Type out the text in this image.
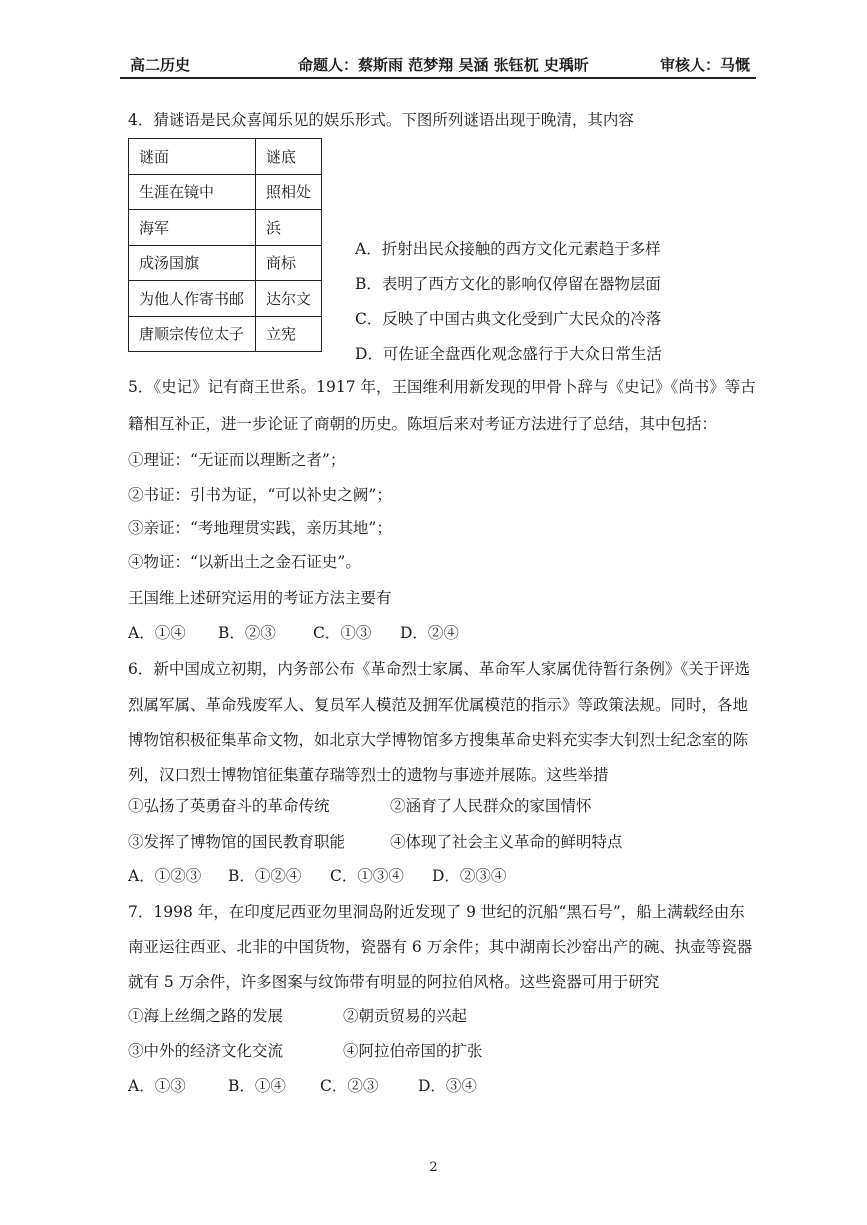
高二历史	命题人：蔡斯雨 范梦翔 吴涵 张钰杌 史瑀昕	审核人：马慨
4．猜谜语是民众喜闻乐见的娱乐形式。下图所列谜语出现于晚清，其内容
谜面	谜底
生涯在镜中	照相处
海军	浜
成汤国旗	商标
为他人作寄书邮	达尔文
唐顺宗传位太子	立宪
A．折射出民众接触的西方文化元素趋于多样
B．表明了西方文化的影响仅停留在器物层面
C．反映了中国古典文化受到广大民众的冷落
D．可佐证全盘西化观念盛行于大众日常生活
5．《史记》记有商王世系。1917 年，王国维利用新发现的甲骨卜辞与《史记》《尚书》等古
籍相互补正，进一步论证了商朝的历史。陈垣后来对考证方法进行了总结，其中包括：
①理证：“无证而以理断之者”；
②书证：引书为证，“可以补史之阙”；
③亲证：“考地理贯实践，亲历其地”；
④物证：“以新出土之金石证史”。
王国维上述研究运用的考证方法主要有
A．①④ B．②③ C．①③ D．②④
6．新中国成立初期，内务部公布《革命烈士家属、革命军人家属优待暂行条例》《关于评选
烈属军属、革命残废军人、复员军人模范及拥军优属模范的指示》等政策法规。同时，各地
博物馆积极征集革命文物，如北京大学博物馆多方搜集革命史料充实李大钊烈士纪念室的陈
列，汉口烈士博物馆征集董存瑞等烈士的遗物与事迹并展陈。这些举措
①弘扬了英勇奋斗的革命传统	②涵育了人民群众的家国情怀
③发挥了博物馆的国民教育职能	④体现了社会主义革命的鲜明特点
A．①②③ B．①②④ C．①③④ D．②③④
7．1998 年，在印度尼西亚勿里洞岛附近发现了 9 世纪的沉船“黑石号”，船上满载经由东
南亚运往西亚、北非的中国货物，瓷器有 6 万余件；其中湖南长沙窑出产的碗、执壶等瓷器
就有 5 万余件，许多图案与纹饰带有明显的阿拉伯风格。这些瓷器可用于研究
①海上丝绸之路的发展	②朝贡贸易的兴起
③中外的经济文化交流	④阿拉伯帝国的扩张
A．①③	B．①④ C．②③	D．③④
2
